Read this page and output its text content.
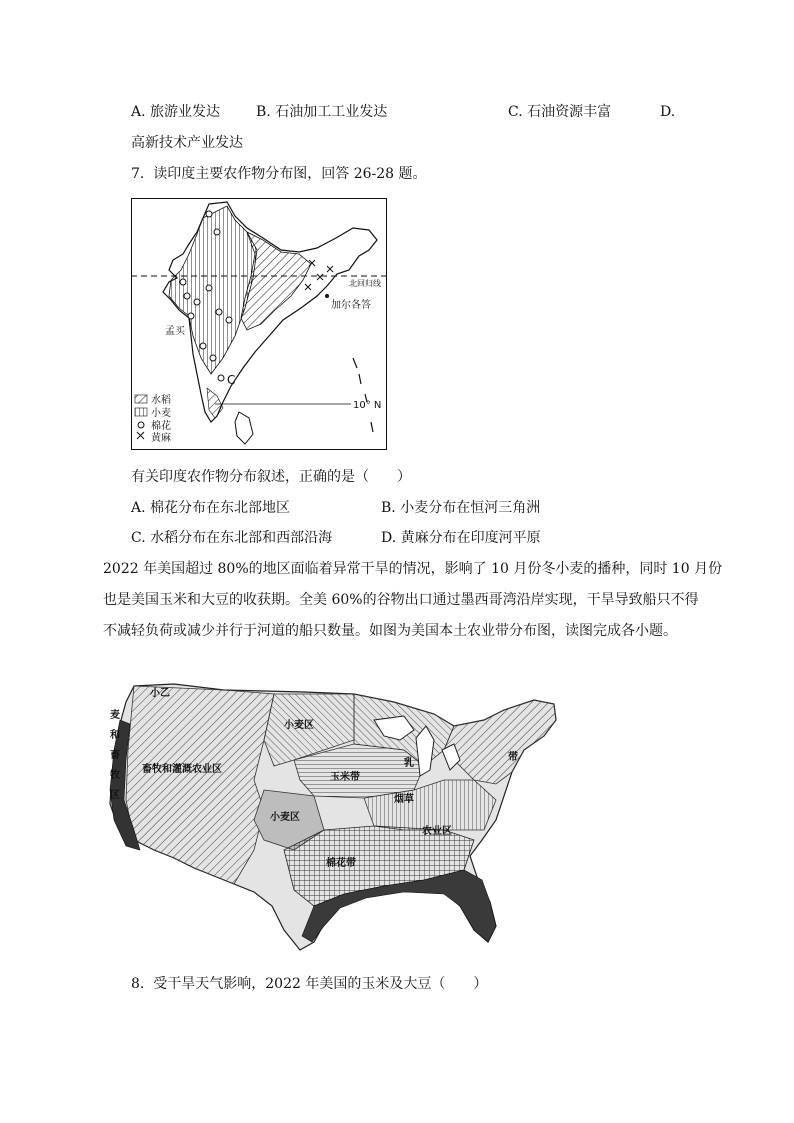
A. 旅游业发达	B. 石油加工工业发达	C. 石油资源丰富	D.
高新技术产业发达
7. 读印度主要农作物分布图，回答 26-28 题。
水稻
小麦
棉花
黄麻
北回归线
加尔各答
孟买
C
10° N
有关印度农作物分布叙述，正确的是（　　）
A. 棉花分布在东北部地区	B. 小麦分布在恒河三角洲
C. 水稻分布在东北部和西部沿海	D. 黄麻分布在印度河平原
2022 年美国超过 80%的地区面临着异常干旱的情况，影响了 10 月份冬小麦的播种，同时 10 月份
也是美国玉米和大豆的收获期。全美 60%的谷物出口通过墨西哥湾沿岸实现，干旱导致船只不得
不减轻负荷或减少并行于河道的船只数量。如图为美国本土农业带分布图，读图完成各小题。
小乙
麦
和
畜
牧
区
小麦区
畜牧和灌溉农业区
玉米带
小麦区
棉花带
烟草
农业区
乳
带
8. 受干旱天气影响，2022 年美国的玉米及大豆（　　）
